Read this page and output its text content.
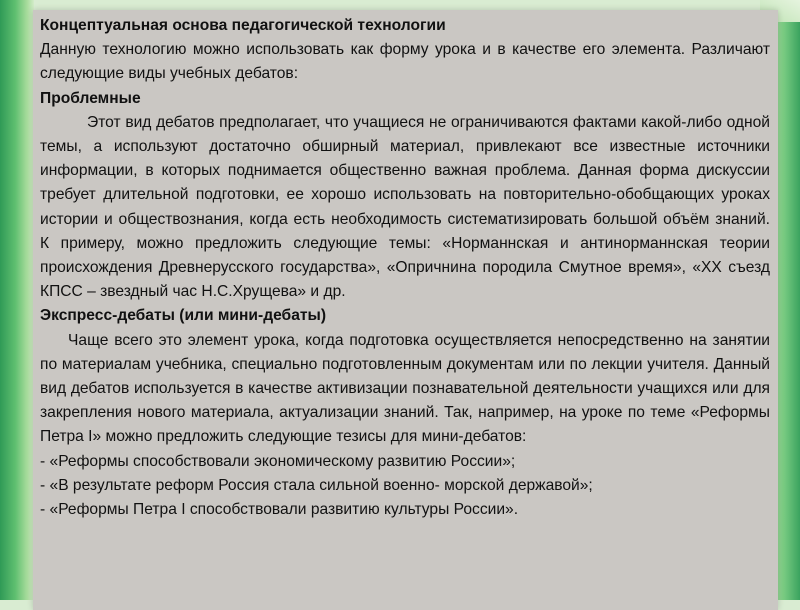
Концептуальная основа педагогической технологии

Данную технологию можно использовать как форму урока и в качестве его элемента. Различают следующие виды учебных дебатов:

Проблемные

Этот вид дебатов предполагает, что учащиеся не ограничиваются фактами какой-либо одной темы, а используют достаточно обширный материал, привлекают все известные источники информации, в которых поднимается общественно важная проблема. Данная форма дискуссии требует длительной подготовки, ее хорошо использовать на повторительно-обобщающих уроках истории и обществознания, когда есть необходимость систематизировать большой объём знаний. К примеру, можно предложить следующие темы: «Норманнская и антинорманнская теории происхождения Древнерусского государства», «Опричнина породила Смутное время», «XX съезд КПСС – звездный час Н.С.Хрущева» и др.

Экспресс-дебаты (или мини-дебаты)

Чаще всего это элемент урока, когда подготовка осуществляется непосредственно на занятии по материалам учебника, специально подготовленным документам или по лекции учителя. Данный вид дебатов используется в качестве активизации познавательной деятельности учащихся или для закрепления нового материала, актуализации знаний. Так, например, на уроке по теме «Реформы Петра I» можно предложить следующие тезисы для мини-дебатов:

- «Реформы способствовали экономическому развитию России»;

- «В результате реформ Россия стала сильной военно- морской державой»;

- «Реформы Петра I способствовали развитию культуры России».
